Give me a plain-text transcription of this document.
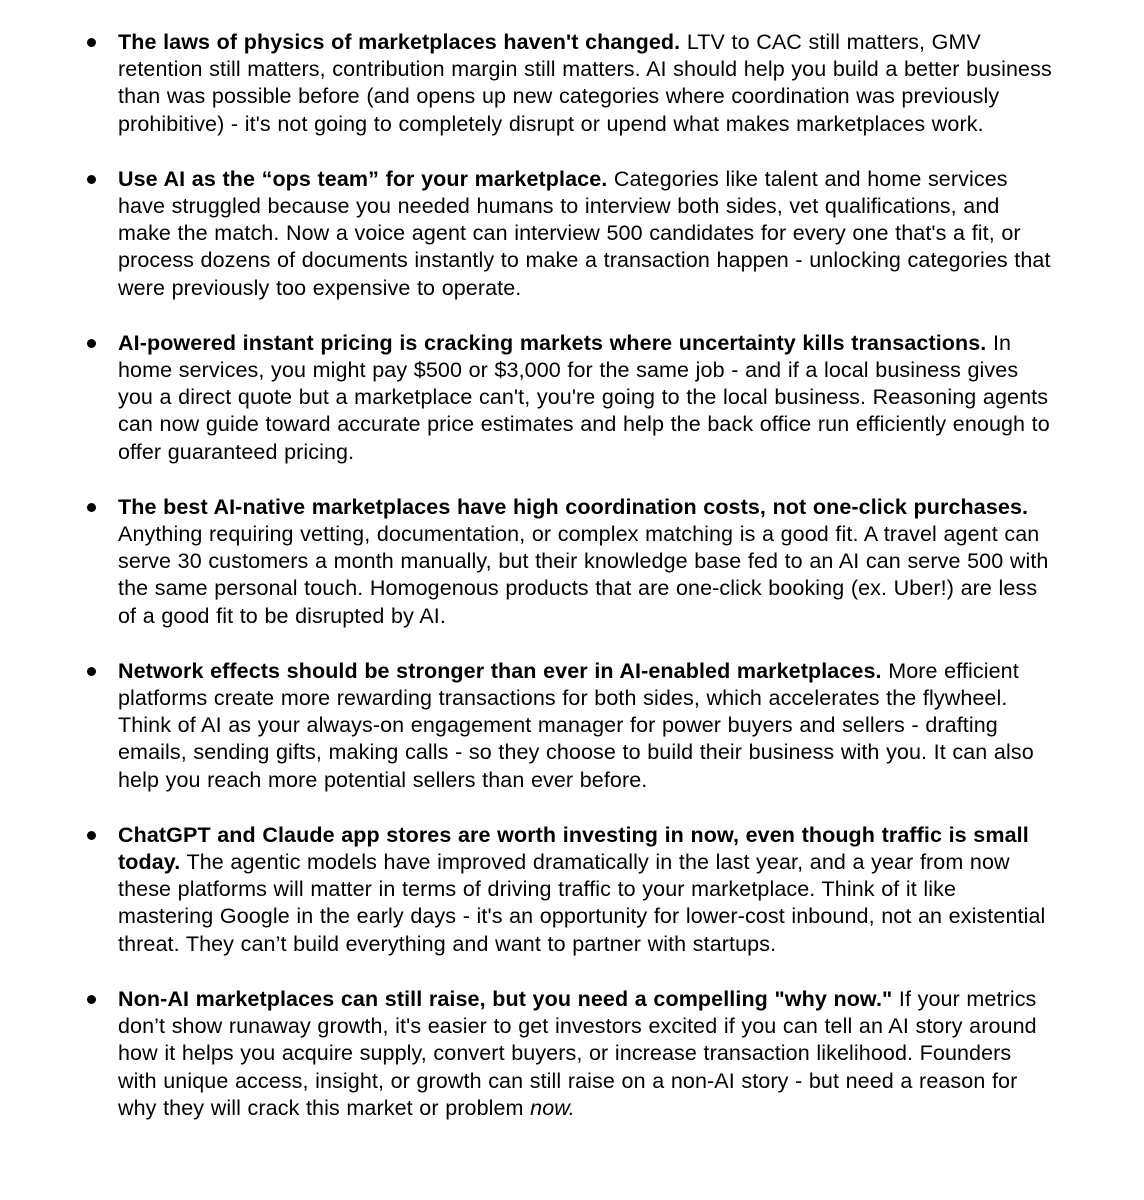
The laws of physics of marketplaces haven't changed. LTV to CAC still matters, GMV retention still matters, contribution margin still matters. AI should help you build a better business than was possible before (and opens up new categories where coordination was previously prohibitive) - it's not going to completely disrupt or upend what makes marketplaces work.
Use AI as the “ops team” for your marketplace. Categories like talent and home services have struggled because you needed humans to interview both sides, vet qualifications, and make the match. Now a voice agent can interview 500 candidates for every one that's a fit, or process dozens of documents instantly to make a transaction happen - unlocking categories that were previously too expensive to operate.
AI-powered instant pricing is cracking markets where uncertainty kills transactions. In home services, you might pay $500 or $3,000 for the same job - and if a local business gives you a direct quote but a marketplace can't, you're going to the local business. Reasoning agents can now guide toward accurate price estimates and help the back office run efficiently enough to offer guaranteed pricing.
The best AI-native marketplaces have high coordination costs, not one-click purchases. Anything requiring vetting, documentation, or complex matching is a good fit. A travel agent can serve 30 customers a month manually, but their knowledge base fed to an AI can serve 500 with the same personal touch. Homogenous products that are one-click booking (ex. Uber!) are less of a good fit to be disrupted by AI.
Network effects should be stronger than ever in AI-enabled marketplaces. More efficient platforms create more rewarding transactions for both sides, which accelerates the flywheel. Think of AI as your always-on engagement manager for power buyers and sellers - drafting emails, sending gifts, making calls - so they choose to build their business with you. It can also help you reach more potential sellers than ever before.
ChatGPT and Claude app stores are worth investing in now, even though traffic is small today. The agentic models have improved dramatically in the last year, and a year from now these platforms will matter in terms of driving traffic to your marketplace. Think of it like mastering Google in the early days - it's an opportunity for lower-cost inbound, not an existential threat. They can’t build everything and want to partner with startups.
Non-AI marketplaces can still raise, but you need a compelling "why now." If your metrics don’t show runaway growth, it's easier to get investors excited if you can tell an AI story around how it helps you acquire supply, convert buyers, or increase transaction likelihood. Founders with unique access, insight, or growth can still raise on a non-AI story - but need a reason for why they will crack this market or problem now.
